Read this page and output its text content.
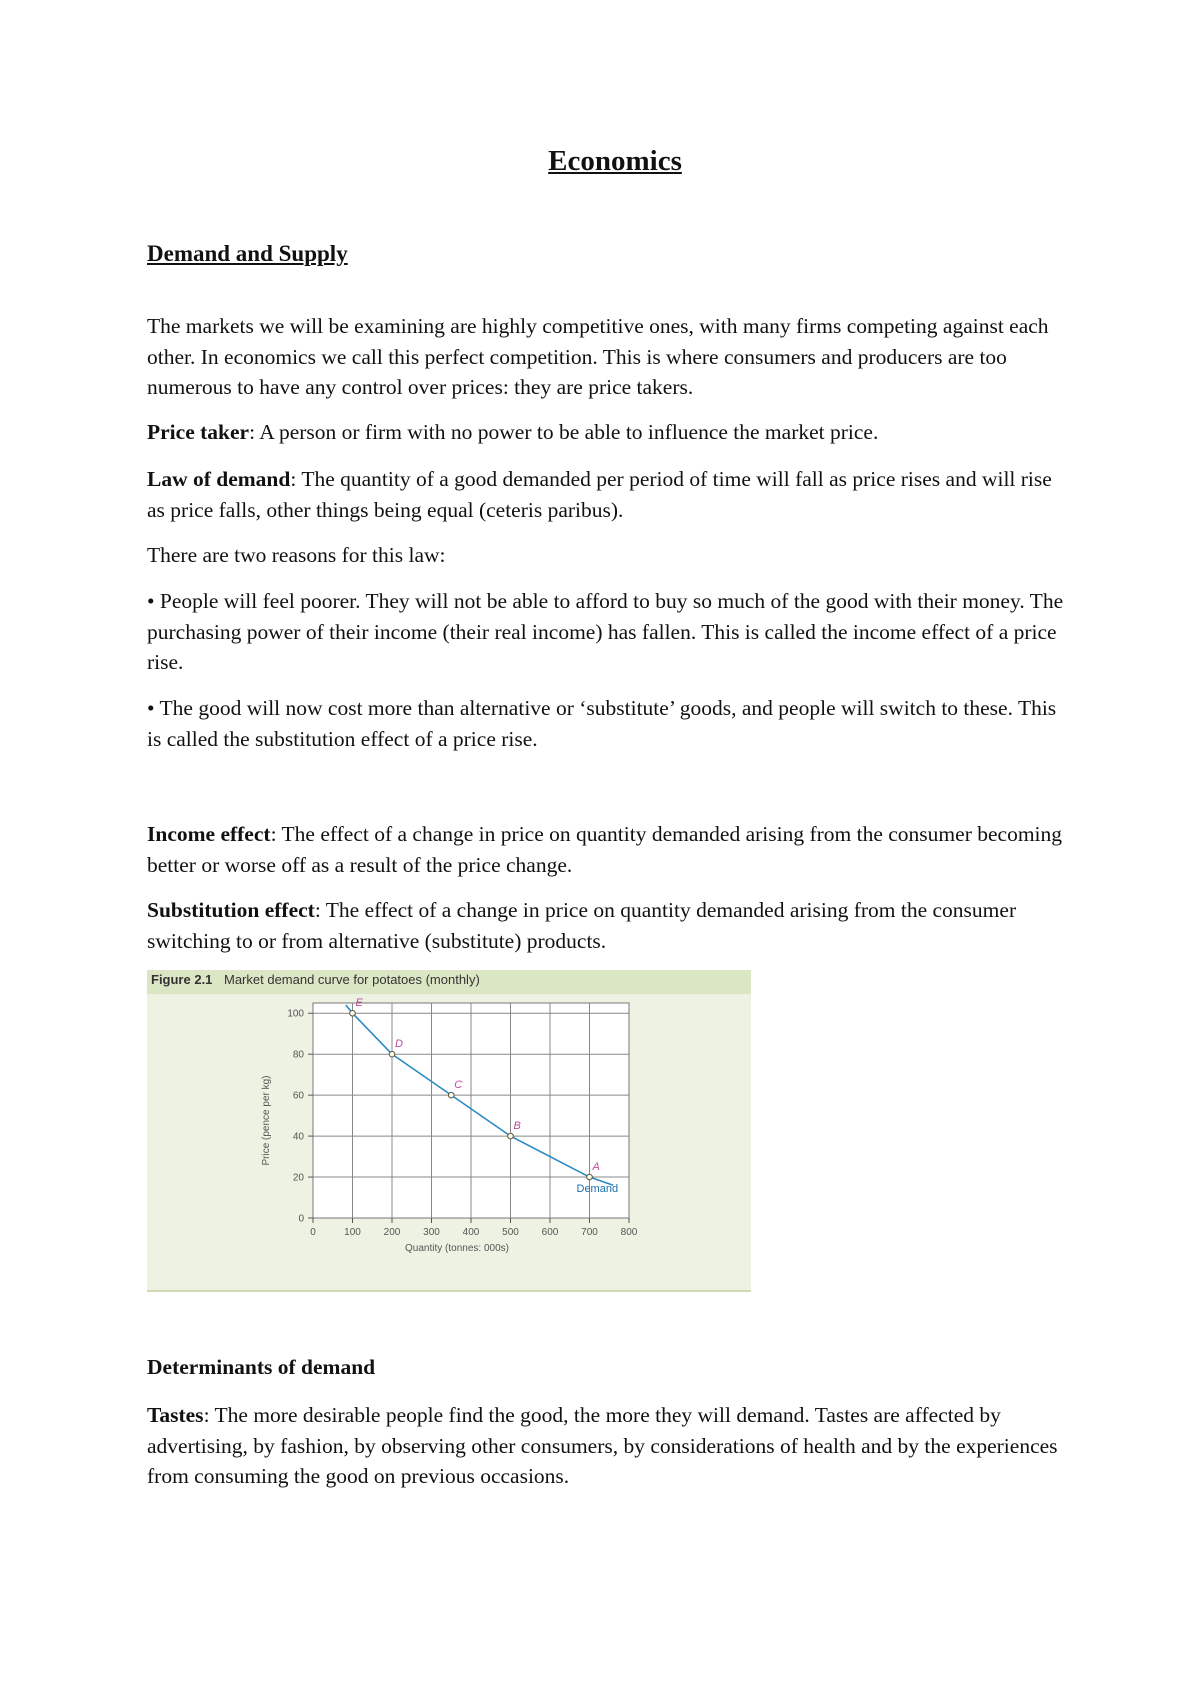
Economics
Demand and Supply

The markets we will be examining are highly competitive ones, with many firms competing against each other. In economics we call this perfect competition. This is where consumers and producers are too numerous to have any control over prices: they are price takers.

Price taker: A person or firm with no power to be able to influence the market price.

Law of demand: The quantity of a good demanded per period of time will fall as price rises and will rise as price falls, other things being equal (ceteris paribus).

There are two reasons for this law:

• People will feel poorer. They will not be able to afford to buy so much of the good with their money. The purchasing power of their income (their real income) has fallen. This is called the income effect of a price rise.

• The good will now cost more than alternative or ‘substitute’ goods, and people will switch to these. This is called the substitution effect of a price rise.

Income effect: The effect of a change in price on quantity demanded arising from the consumer becoming better or worse off as a result of the price change.

Substitution effect: The effect of a change in price on quantity demanded arising from the consumer switching to or from alternative (substitute) products.

Figure 2.1 Market demand curve for potatoes (monthly)
0	100 200 300 400 500 600 700 800
0
20
40
60
80
100
Quantity (tonnes: 000s)
Price (pence per kg)
A
B
C
D
E
Demand
Determinants of demand

Tastes: The more desirable people find the good, the more they will demand. Tastes are affected by advertising, by fashion, by observing other consumers, by considerations of health and by the experiences from consuming the good on previous occasions.
